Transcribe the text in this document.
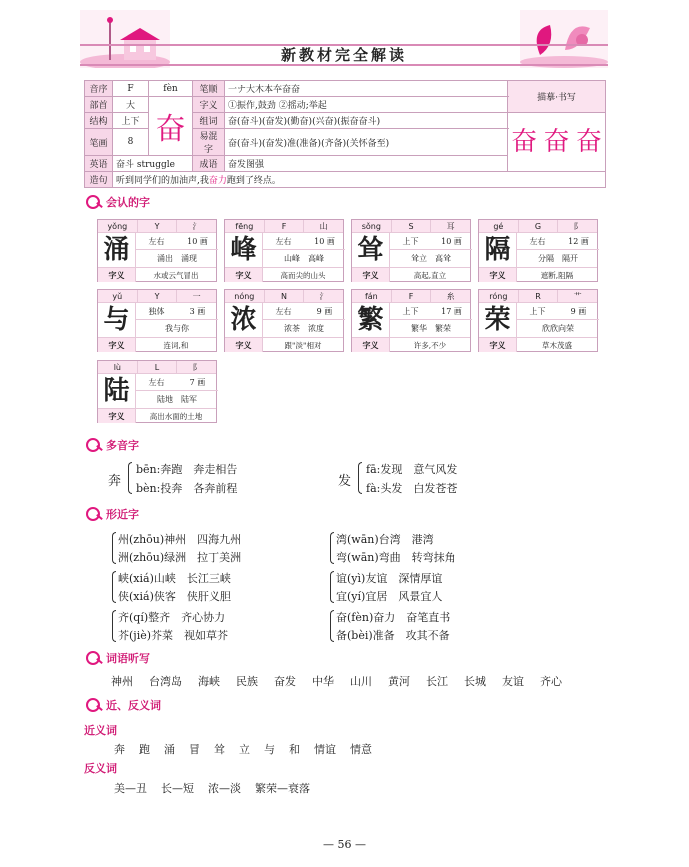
新教材完全解读
音序	F	fèn	笔顺	一ナ大木本夲奋奋	描摹·书写
部首	大	奋	字义	①振作,鼓劲 ②摇动;举起	
结构	上下		组词	奋(奋斗)(奋发)(勤奋)(兴奋)(振奋奋斗)	奋 奋 奋

笔画	8		易混字	奋(奋斗)(奋发)准(准备)(齐备)(关怀备至)	
英语	奋斗 struggle		成语	奋发图强	
造句	听到同学们的加油声,我奋力跑到了终点。				
会认的字
yǒng	Y	氵
涌	左右	10 画
涌出　 涌现
字义	水或云气冒出
fēng	F	山
峰	左右	10 画
山峰　 高峰
字义	高而尖的山头
sǒng	S	耳
耸	上下	10 画
耸立　 高耸
字义	高起,直立
gé	G	阝
隔	左右	12 画
分隔　 隔开
字义	遮断,阻隔
yǔ	Y	一
与	独体	3 画
我与你　
字义	连词,和
nóng	N	氵
浓	左右	9 画
浓茶　 浓度
字义	跟"淡"相对
fán	F	糸
繁	上下	17 画
繁华　 繁荣
字义	许多,不少
róng	R	艹
荣	上下	9 画
欣欣向荣　
字义	草木茂盛
lù	L	阝
陆	左右	7 画
陆地　 陆军
字义	高出水面的土地
多音字
奔
bēn:奔跑　奔走相告
bèn:投奔　各奔前程	发
fā:发现　意气风发
fà:头发　白发苍苍
形近字
州(zhōu)神州　四海九州
洲(zhōu)绿洲　拉丁美洲
峡(xiá)山峡　长江三峡
侠(xiá)侠客　侠肝义胆
齐(qí)整齐　齐心协力
芥(jiè)芥菜　视如草芥
湾(wān)台湾　港湾
弯(wān)弯曲　转弯抹角
谊(yì)友谊　深情厚谊
宜(yí)宜居　风景宜人
奋(fèn)奋力　奋笔直书
备(bèi)准备　攻其不备
词语听写
神州 台湾岛 海峡 民族 奋发 中华 山川 黄河 长江 长城 友谊 齐心
近、反义词
近义词
奔 跑 涌 冒 耸 立 与 和 情谊 情意
反义词
美—丑 长—短 浓—淡 繁荣—衰落
— 56 —
